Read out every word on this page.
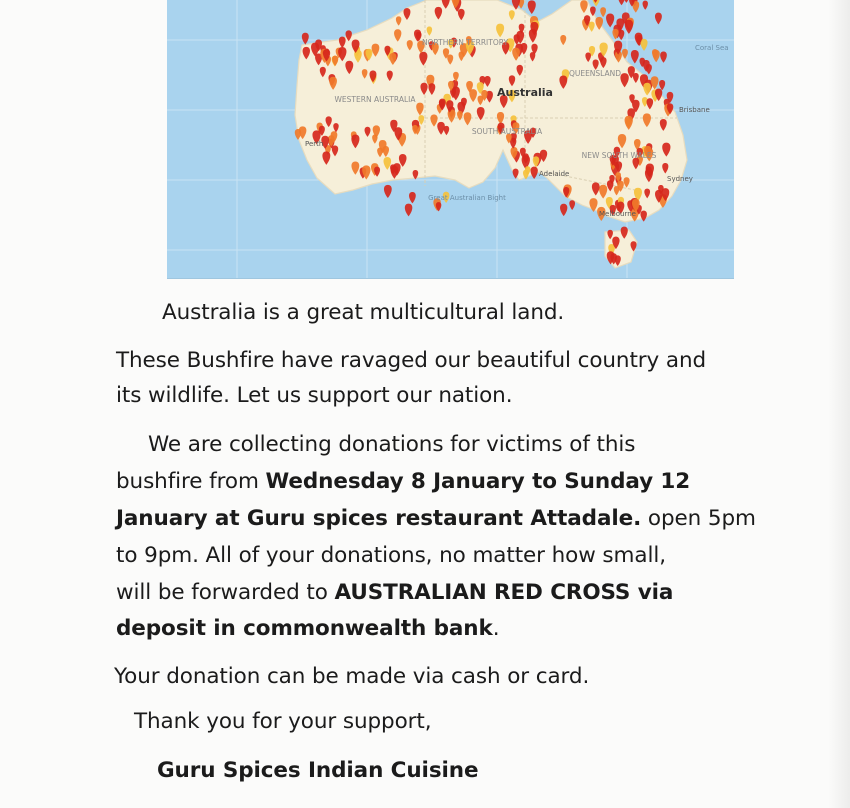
NORTHERN TERRITORY
QUEENSLAND
WESTERN AUSTRALIA
SOUTH AUSTRALIA
NEW SOUTH WALES
Australia
Coral Sea
Perth
Brisbane
Adelaide
Sydney
Melbourne
Great Australian Bight

Australia is a great multicultural land.

These Bushfire have ravaged our beautiful country and

its wildlife. Let us support our nation.

We are collecting donations for victims of this

bushfire from Wednesday 8 January to Sunday 12

January at Guru spices restaurant Attadale. open 5pm

to 9pm. All of your donations, no matter how small,

will be forwarded to AUSTRALIAN RED CROSS via

deposit in commonwealth bank.

Your donation can be made via cash or card.

Thank you for your support,

Guru Spices Indian Cuisine
